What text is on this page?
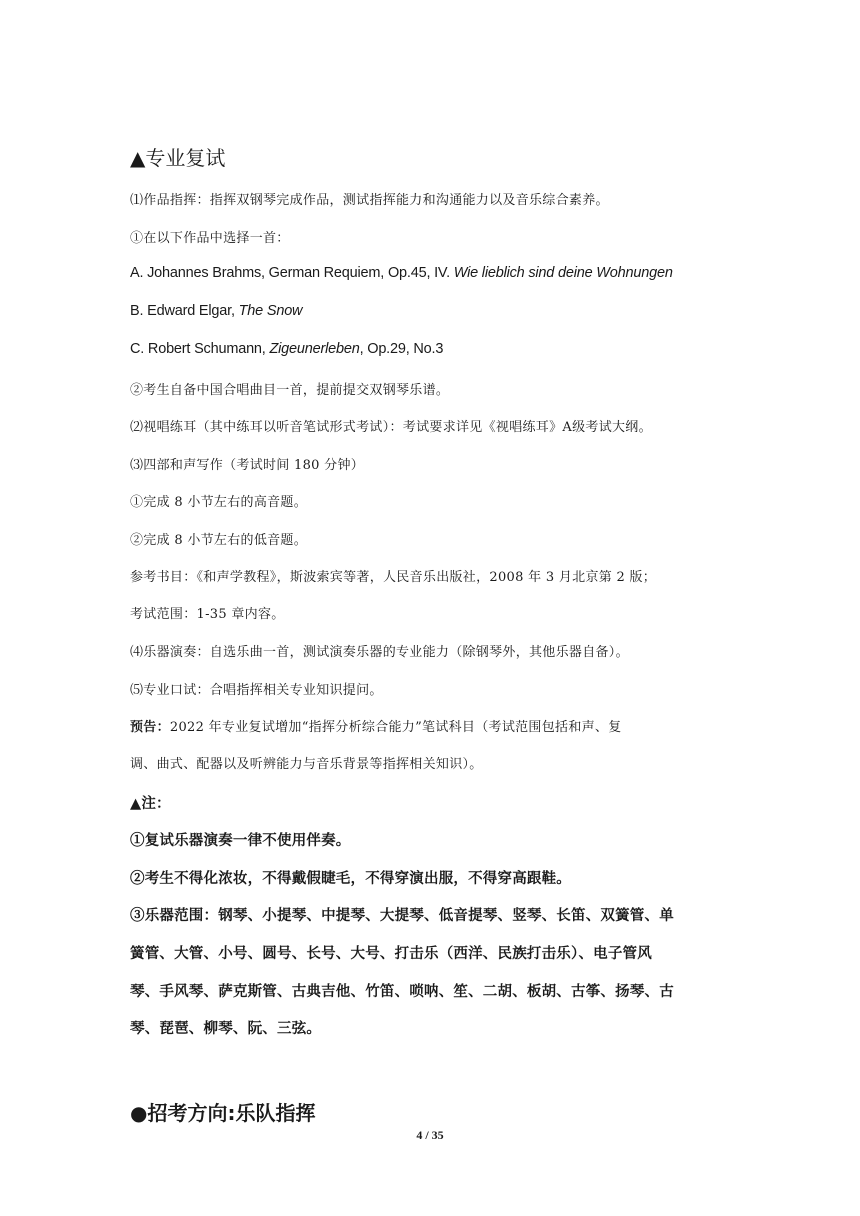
▲专业复试
⑴作品指挥：指挥双钢琴完成作品，测试指挥能力和沟通能力以及音乐综合素养。
①在以下作品中选择一首：
A. Johannes Brahms, German Requiem, Op.45, IV. Wie lieblich sind deine Wohnungen
B. Edward Elgar, The Snow
C. Robert Schumann, Zigeunerleben, Op.29, No.3
②考生自备中国合唱曲目一首，提前提交双钢琴乐谱。
⑵视唱练耳（其中练耳以听音笔试形式考试）：考试要求详见《视唱练耳》A级考试大纲。
⑶四部和声写作（考试时间 180 分钟）
①完成 8 小节左右的高音题。
②完成 8 小节左右的低音题。
参考书目：《和声学教程》，斯波索宾等著，人民音乐出版社，2008 年 3 月北京第 2 版；
考试范围：1-35 章内容。
⑷乐器演奏：自选乐曲一首，测试演奏乐器的专业能力（除钢琴外，其他乐器自备）。
⑸专业口试：合唱指挥相关专业知识提问。
预告：2022 年专业复试增加“指挥分析综合能力”笔试科目（考试范围包括和声、复
调、曲式、配器以及听辨能力与音乐背景等指挥相关知识）。
▲注：
①复试乐器演奏一律不使用伴奏。
②考生不得化浓妆，不得戴假睫毛，不得穿演出服，不得穿高跟鞋。
③乐器范围：钢琴、小提琴、中提琴、大提琴、低音提琴、竖琴、长笛、双簧管、单
簧管、大管、小号、圆号、长号、大号、打击乐（西洋、民族打击乐）、电子管风
琴、手风琴、萨克斯管、古典吉他、竹笛、唢呐、笙、二胡、板胡、古筝、扬琴、古
琴、琵琶、柳琴、阮、三弦。
●招考方向:乐队指挥
4 / 35
